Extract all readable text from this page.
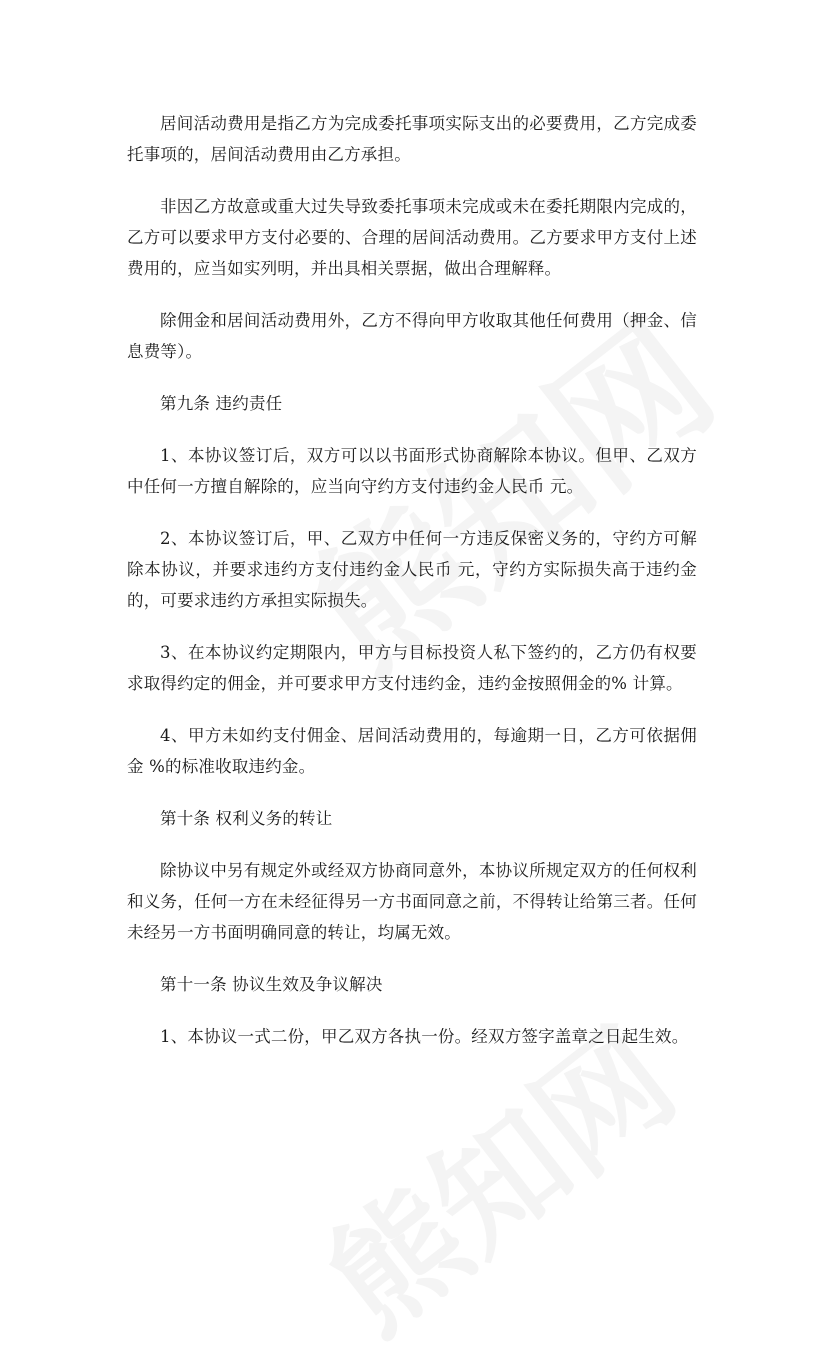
居间活动费用是指乙方为完成委托事项实际支出的必要费用，乙方完成委托事项的，居间活动费用由乙方承担。

非因乙方故意或重大过失导致委托事项未完成或未在委托期限内完成的，乙方可以要求甲方支付必要的、合理的居间活动费用。乙方要求甲方支付上述费用的，应当如实列明，并出具相关票据，做出合理解释。

除佣金和居间活动费用外，乙方不得向甲方收取其他任何费用（押金、信息费等）。

第九条 违约责任

1、本协议签订后，双方可以以书面形式协商解除本协议。但甲、乙双方中任何一方擅自解除的，应当向守约方支付违约金人民币 元。

2、本协议签订后，甲、乙双方中任何一方违反保密义务的，守约方可解除本协议，并要求违约方支付违约金人民币 元，守约方实际损失高于违约金的，可要求违约方承担实际损失。

3、在本协议约定期限内，甲方与目标投资人私下签约的，乙方仍有权要求取得约定的佣金，并可要求甲方支付违约金，违约金按照佣金的% 计算。

4、甲方未如约支付佣金、居间活动费用的，每逾期一日，乙方可依据佣金 %的标准收取违约金。

第十条 权利义务的转让

除协议中另有规定外或经双方协商同意外，本协议所规定双方的任何权利和义务，任何一方在未经征得另一方书面同意之前，不得转让给第三者。任何未经另一方书面明确同意的转让，均属无效。

第十一条 协议生效及争议解决

1、本协议一式二份，甲乙双方各执一份。经双方签字盖章之日起生效。
